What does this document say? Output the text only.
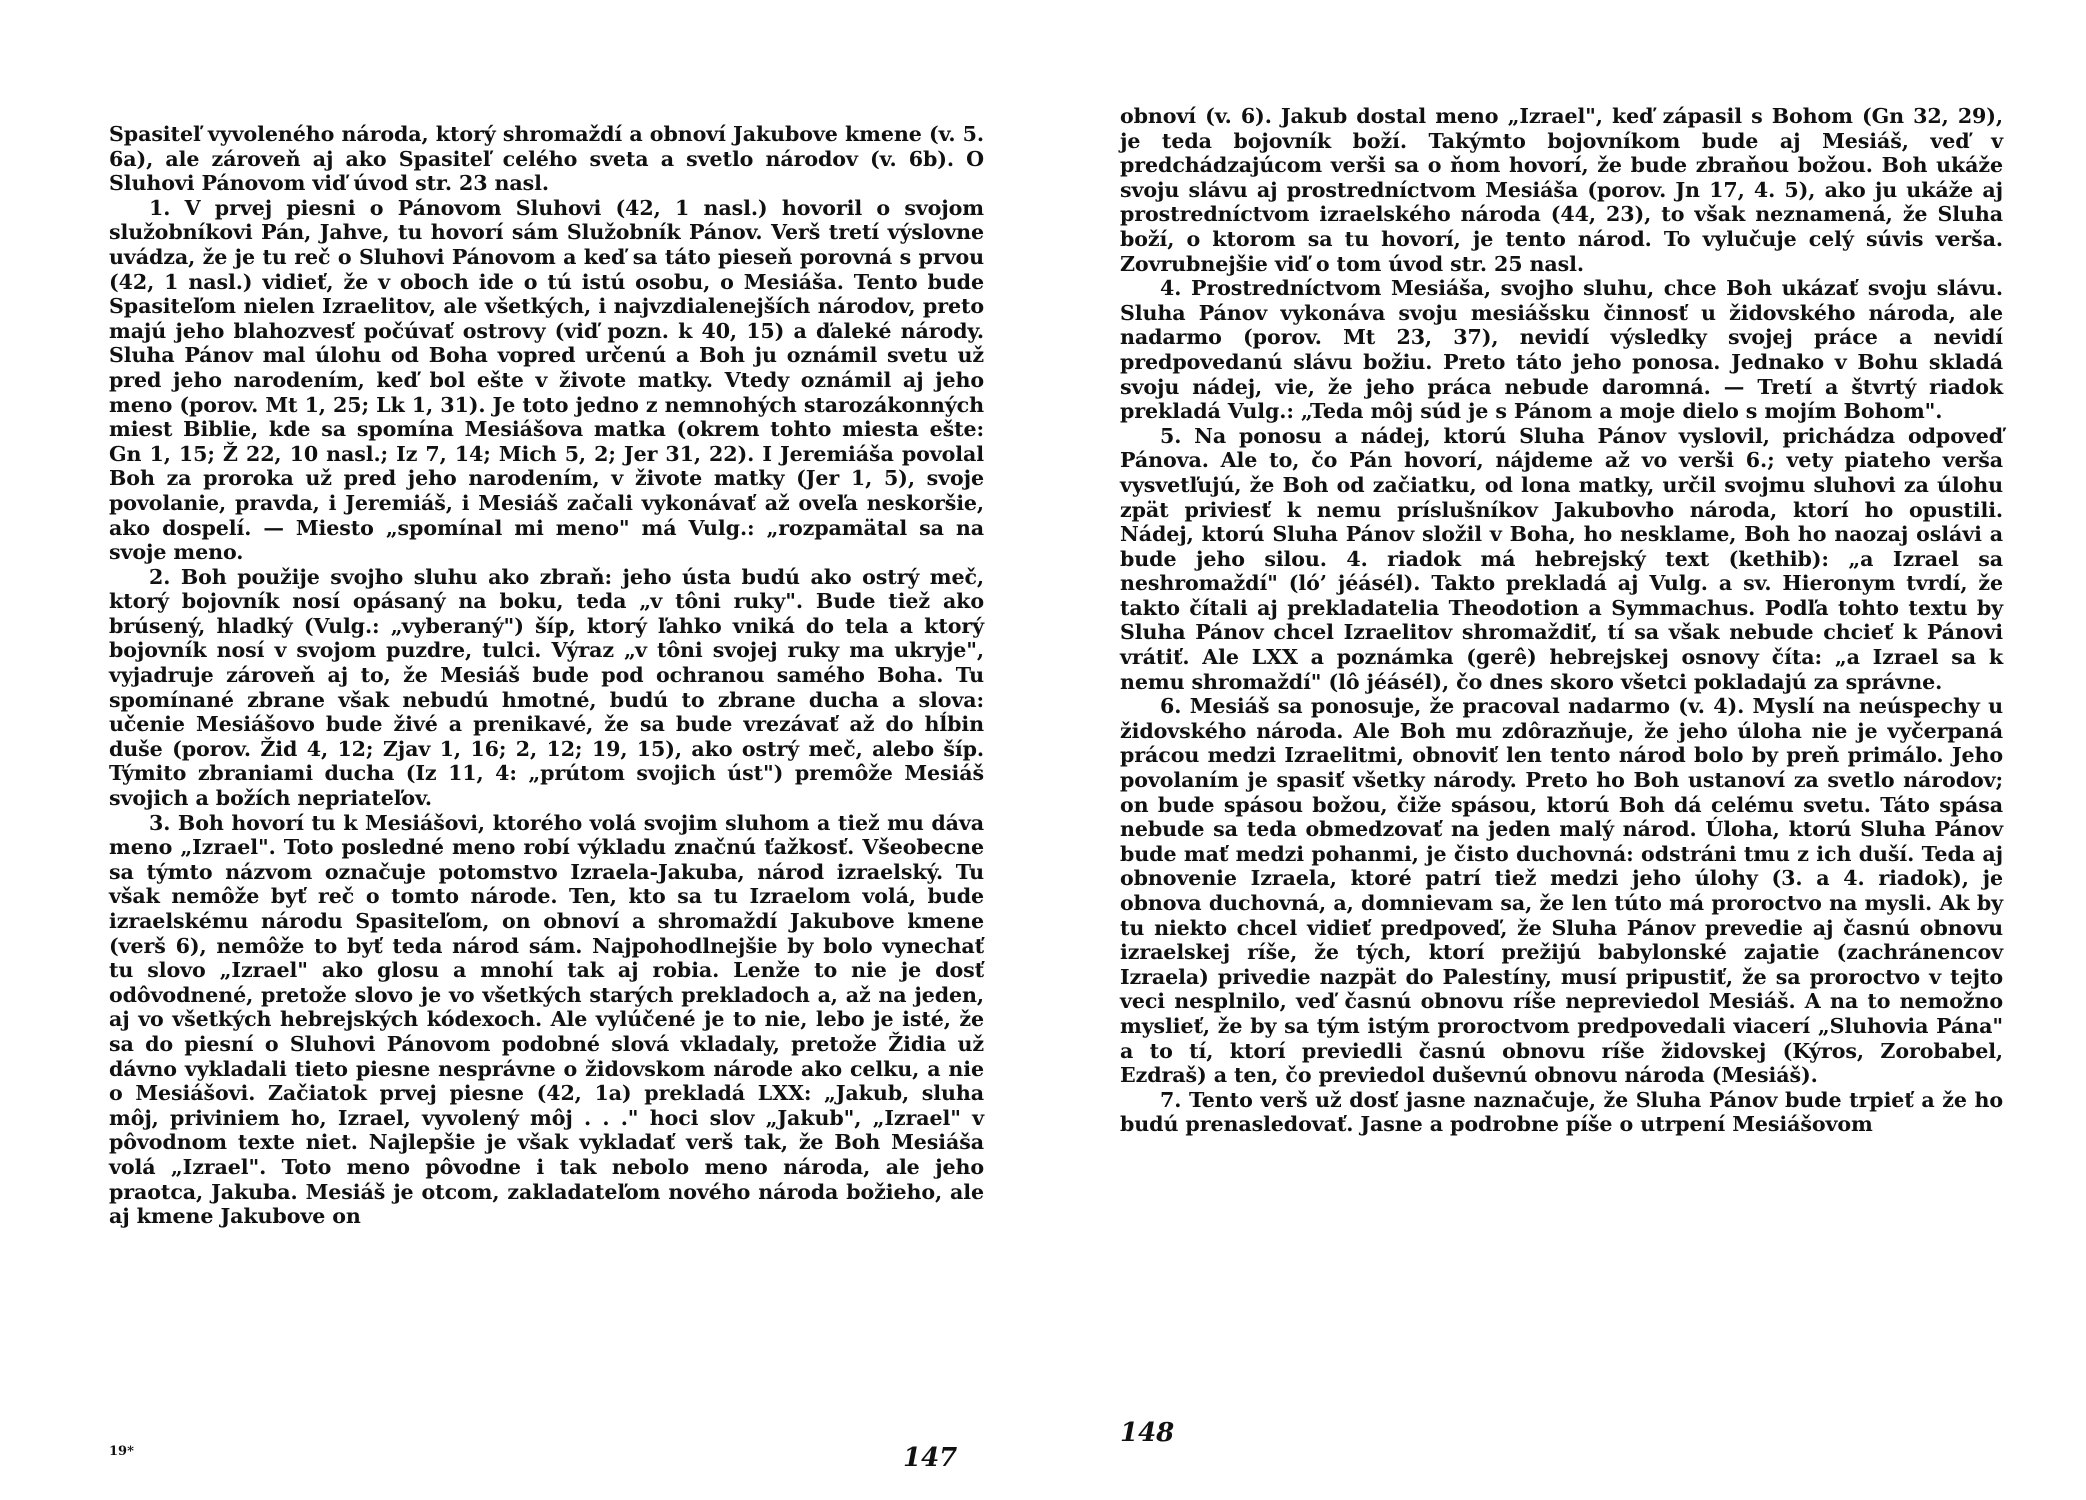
Spasiteľ vyvoleného národa, ktorý shromaždí a obnoví Jakubove kmene (v. 5. 6a), ale zároveň aj ako Spasiteľ celého sveta a svetlo národov (v. 6b). O Sluhovi Pánovom viď úvod str. 23 nasl.

1. V prvej piesni o Pánovom Sluhovi (42, 1 nasl.) hovoril o svojom služobníkovi Pán, Jahve, tu hovorí sám Služobník Pánov. Verš tretí výslovne uvádza, že je tu reč o Sluhovi Pánovom a keď sa táto pieseň porovná s prvou (42, 1 nasl.) vidieť, že v oboch ide o tú istú osobu, o Mesiáša. Tento bude Spasiteľom nielen Izraelitov, ale všetkých, i najvzdialenejších národov, preto majú jeho blahozvesť počúvať ostrovy (viď pozn. k 40, 15) a ďaleké národy. Sluha Pánov mal úlohu od Boha vopred určenú a Boh ju oznámil svetu už pred jeho narodením, keď bol ešte v živote matky. Vtedy oznámil aj jeho meno (porov. Mt 1, 25; Lk 1, 31). Je toto jedno z nemnohých starozákonných miest Biblie, kde sa spomína Mesiášova matka (okrem tohto miesta ešte: Gn 1, 15; Ž 22, 10 nasl.; Iz 7, 14; Mich 5, 2; Jer 31, 22). I Jeremiáša povolal Boh za proroka už pred jeho narodením, v živote matky (Jer 1, 5), svoje povolanie, pravda, i Jeremiáš, i Mesiáš začali vykonávať až oveľa neskoršie, ako dospelí. — Miesto „spomínal mi meno" má Vulg.: „rozpamätal sa na svoje meno.

2. Boh použije svojho sluhu ako zbraň: jeho ústa budú ako ostrý meč, ktorý bojovník nosí opásaný na boku, teda „v tôni ruky". Bude tiež ako brúsený, hladký (Vulg.: „vyberaný") šíp, ktorý ľahko vniká do tela a ktorý bojovník nosí v svojom puzdre, tulci. Výraz „v tôni svojej ruky ma ukryje", vyjadruje zároveň aj to, že Mesiáš bude pod ochranou samého Boha. Tu spomínané zbrane však nebudú hmotné, budú to zbrane ducha a slova: učenie Mesiášovo bude živé a prenikavé, že sa bude vrezávať až do hĺbin duše (porov. Žid 4, 12; Zjav 1, 16; 2, 12; 19, 15), ako ostrý meč, alebo šíp. Týmito zbraniami ducha (Iz 11, 4: „prútom svojich úst") premôže Mesiáš svojich a božích nepriateľov.

3. Boh hovorí tu k Mesiášovi, ktorého volá svojim sluhom a tiež mu dáva meno „Izrael". Toto posledné meno robí výkladu značnú ťažkosť. Všeobecne sa týmto názvom označuje potomstvo Izraela-Jakuba, národ izraelský. Tu však nemôže byť reč o tomto národe. Ten, kto sa tu Izraelom volá, bude izraelskému národu Spasiteľom, on obnoví a shromaždí Jakubove kmene (verš 6), nemôže to byť teda národ sám. Najpohodlnejšie by bolo vynechať tu slovo „Izrael" ako glosu a mnohí tak aj robia. Lenže to nie je dosť odôvodnené, pretože slovo je vo všetkých starých prekladoch a, až na jeden, aj vo všetkých hebrejských kódexoch. Ale vylúčené je to nie, lebo je isté, že sa do piesní o Sluhovi Pánovom podobné slová vkladaly, pretože Židia už dávno vykladali tieto piesne nesprávne o židovskom národe ako celku, a nie o Mesiášovi. Začiatok prvej piesne (42, 1a) prekladá LXX: „Jakub, sluha môj, priviniem ho, Izrael, vyvolený môj . . ." hoci slov „Jakub", „Izrael" v pôvodnom texte niet. Najlepšie je však vykladať verš tak, že Boh Mesiáša volá „Izrael". Toto meno pôvodne i tak nebolo meno národa, ale jeho praotca, Jakuba. Mesiáš je otcom, zakladateľom nového národa božieho, ale aj kmene Jakubove on

19*	147

obnoví (v. 6). Jakub dostal meno „Izrael", keď zápasil s Bohom (Gn 32, 29), je teda bojovník boží. Takýmto bojovníkom bude aj Mesiáš, veď v predchádzajúcom verši sa o ňom hovorí, že bude zbraňou božou. Boh ukáže svoju slávu aj prostredníctvom Mesiáša (porov. Jn 17, 4. 5), ako ju ukáže aj prostredníctvom izraelského národa (44, 23), to však neznamená, že Sluha boží, o ktorom sa tu hovorí, je tento národ. To vylučuje celý súvis verša. Zovrubnejšie viď o tom úvod str. 25 nasl.

4. Prostredníctvom Mesiáša, svojho sluhu, chce Boh ukázať svoju slávu. Sluha Pánov vykonáva svoju mesiášsku činnosť u židovského národa, ale nadarmo (porov. Mt 23, 37), nevidí výsledky svojej práce a nevidí predpovedanú slávu božiu. Preto táto jeho ponosa. Jednako v Bohu skladá svoju nádej, vie, že jeho práca nebude daromná. — Tretí a štvrtý riadok prekladá Vulg.: „Teda môj súd je s Pánom a moje dielo s mojím Bohom".

5. Na ponosu a nádej, ktorú Sluha Pánov vyslovil, prichádza odpoveď Pánova. Ale to, čo Pán hovorí, nájdeme až vo verši 6.; vety piateho verša vysvetľujú, že Boh od začiatku, od lona matky, určil svojmu sluhovi za úlohu zpät priviesť k nemu príslušníkov Jakubovho národa, ktorí ho opustili. Nádej, ktorú Sluha Pánov složil v Boha, ho nesklame, Boh ho naozaj oslávi a bude jeho silou. 4. riadok má hebrejský text (kethib): „a Izrael sa neshromaždí" (ló’ jéásél). Takto prekladá aj Vulg. a sv. Hieronym tvrdí, že takto čítali aj prekladatelia Theodotion a Symmachus. Podľa tohto textu by Sluha Pánov chcel Izraelitov shromaždiť, tí sa však nebude chcieť k Pánovi vrátiť. Ale LXX a poznámka (gerê) hebrejskej osnovy číta: „a Izrael sa k nemu shromaždí" (lô jéásél), čo dnes skoro všetci pokladajú za správne.

6. Mesiáš sa ponosuje, že pracoval nadarmo (v. 4). Myslí na neúspechy u židovského národa. Ale Boh mu zdôrazňuje, že jeho úloha nie je vyčerpaná prácou medzi Izraelitmi, obnoviť len tento národ bolo by preň primálo. Jeho povolaním je spasiť všetky národy. Preto ho Boh ustanoví za svetlo národov; on bude spásou božou, čiže spásou, ktorú Boh dá celému svetu. Táto spása nebude sa teda obmedzovať na jeden malý národ. Úloha, ktorú Sluha Pánov bude mať medzi pohanmi, je čisto duchovná: odstráni tmu z ich duší. Teda aj obnovenie Izraela, ktoré patrí tiež medzi jeho úlohy (3. a 4. riadok), je obnova duchovná, a, domnievam sa, že len túto má proroctvo na mysli. Ak by tu niekto chcel vidieť predpoveď, že Sluha Pánov prevedie aj časnú obnovu izraelskej ríše, že tých, ktorí prežijú babylonské zajatie (zachránencov Izraela) privedie nazpät do Palestíny, musí pripustiť, že sa proroctvo v tejto veci nesplnilo, veď časnú obnovu ríše nepreviedol Mesiáš. A na to nemožno myslieť, že by sa tým istým proroctvom predpovedali viacerí „Sluhovia Pána" a to tí, ktorí previedli časnú obnovu ríše židovskej (Kýros, Zorobabel, Ezdraš) a ten, čo previedol duševnú obnovu národa (Mesiáš).

7. Tento verš už dosť jasne naznačuje, že Sluha Pánov bude trpieť a že ho budú prenasledovať. Jasne a podrobne píše o utrpení Mesiášovom

148
